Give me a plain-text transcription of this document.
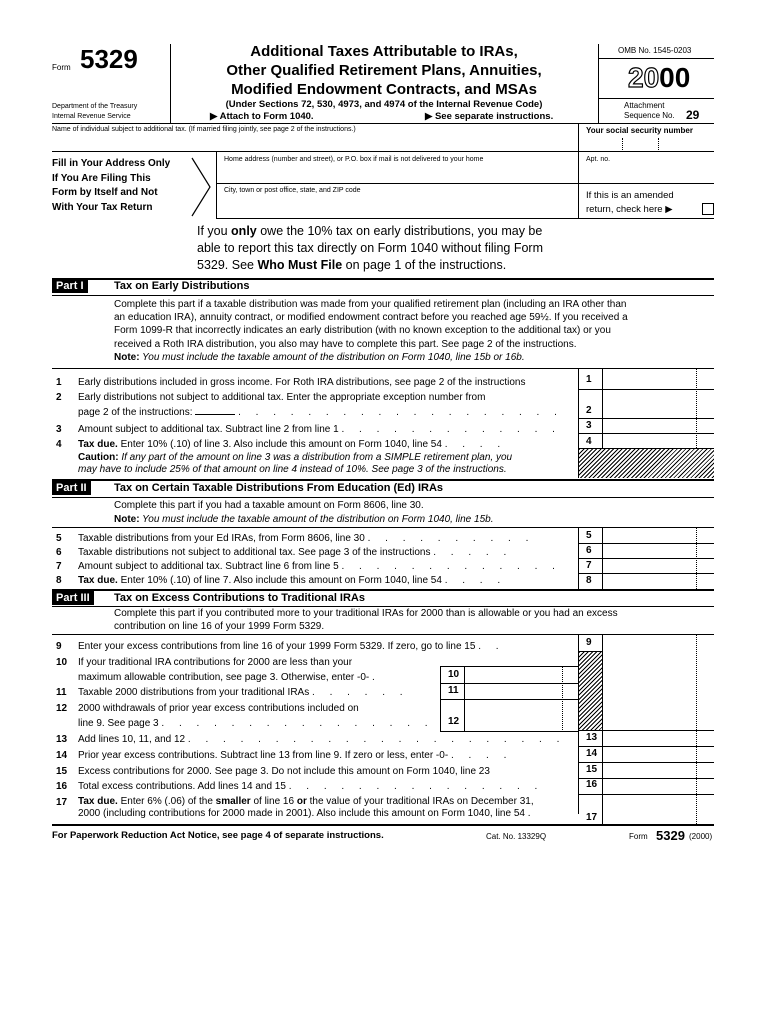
Form 5329
Department of the Treasury
Internal Revenue Service
Additional Taxes Attributable to IRAs,
Other Qualified Retirement Plans, Annuities,
Modified Endowment Contracts, and MSAs
(Under Sections 72, 530, 4973, and 4974 of the Internal Revenue Code)
▶ Attach to Form 1040.	▶ See separate instructions.
OMB No. 1545-0203
2000
Attachment
Sequence No. 29
Name of individual subject to additional tax. (If married filing jointly, see page 2 of the instructions.)	Your social security number
Fill in Your Address Only
If You Are Filing This
Form by Itself and Not
With Your Tax Return
Home address (number and street), or P.O. box if mail is not delivered to your home	Apt. no.
City, town or post office, state, and ZIP code	If this is an amended
return, check here ▶
If you only owe the 10% tax on early distributions, you may be
able to report this tax directly on Form 1040 without filing Form
5329. See Who Must File on page 1 of the instructions.
Part I	Tax on Early Distributions
Complete this part if a taxable distribution was made from your qualified retirement plan (including an IRA other than
an education IRA), annuity contract, or modified endowment contract before you reached age 59½. If you received a
Form 1099-R that incorrectly indicates an early distribution (with no known exception to the additional tax) or you
received a Roth IRA distribution, you also may have to complete this part. See page 2 of the instructions.
Note: You must include the taxable amount of the distribution on Form 1040, line 15b or 16b.
1 Early distributions included in gross income. For Roth IRA distributions, see page 2 of the instructions
2 Early distributions not subject to additional tax. Enter the appropriate exception number from
page 2 of the instructions:	. . . . . . . . . . . . . . . . . . .
3 Amount subject to additional tax. Subtract line 2 from line 1 . . . . . . . . . . . . .
4 Tax due. Enter 10% (.10) of line 3. Also include this amount on Form 1040, line 54 . . . .
Caution: If any part of the amount on line 3 was a distribution from a SIMPLE retirement plan, you
may have to include 25% of that amount on line 4 instead of 10%. See page 3 of the instructions.
1
2
3
4
Part II	Tax on Certain Taxable Distributions From Education (Ed) IRAs
Complete this part if you had a taxable amount on Form 8606, line 30.
Note: You must include the taxable amount of the distribution on Form 1040, line 15b.
5 Taxable distributions from your Ed IRAs, from Form 8606, line 30 . . . . . . . . . .
6 Taxable distributions not subject to additional tax. See page 3 of the instructions . . . . .
7 Amount subject to additional tax. Subtract line 6 from line 5 . . . . . . . . . . . . .
8 Tax due. Enter 10% (.10) of line 7. Also include this amount on Form 1040, line 54 . . . .
5
6
7
8
Part III	Tax on Excess Contributions to Traditional IRAs
Complete this part if you contributed more to your traditional IRAs for 2000 than is allowable or you had an excess
contribution on line 16 of your 1999 Form 5329.
9 Enter your excess contributions from line 16 of your 1999 Form 5329. If zero, go to line 15 . .
10 If your traditional IRA contributions for 2000 are less than your
maximum allowable contribution, see page 3. Otherwise, enter -0- .
11 Taxable 2000 distributions from your traditional IRAs . . . . . .
12 2000 withdrawals of prior year excess contributions included on
line 9. See page 3 . . . . . . . . . . . . . . . .
10
11
12
13 Add lines 10, 11, and 12 . . . . . . . . . . . . . . . . . . . . . .
14 Prior year excess contributions. Subtract line 13 from line 9. If zero or less, enter -0- . . . .
15 Excess contributions for 2000. See page 3. Do not include this amount on Form 1040, line 23
16 Total excess contributions. Add lines 14 and 15 . . . . . . . . . . . . . . .
17 Tax due. Enter 6% (.06) of the smaller of line 16 or the value of your traditional IRAs on December 31,
2000 (including contributions for 2000 made in 2001). Also include this amount on Form 1040, line 54 .
9
13
14
15
16
17
For Paperwork Reduction Act Notice, see page 4 of separate instructions.	Cat. No. 13329Q	Form 5329 (2000)
